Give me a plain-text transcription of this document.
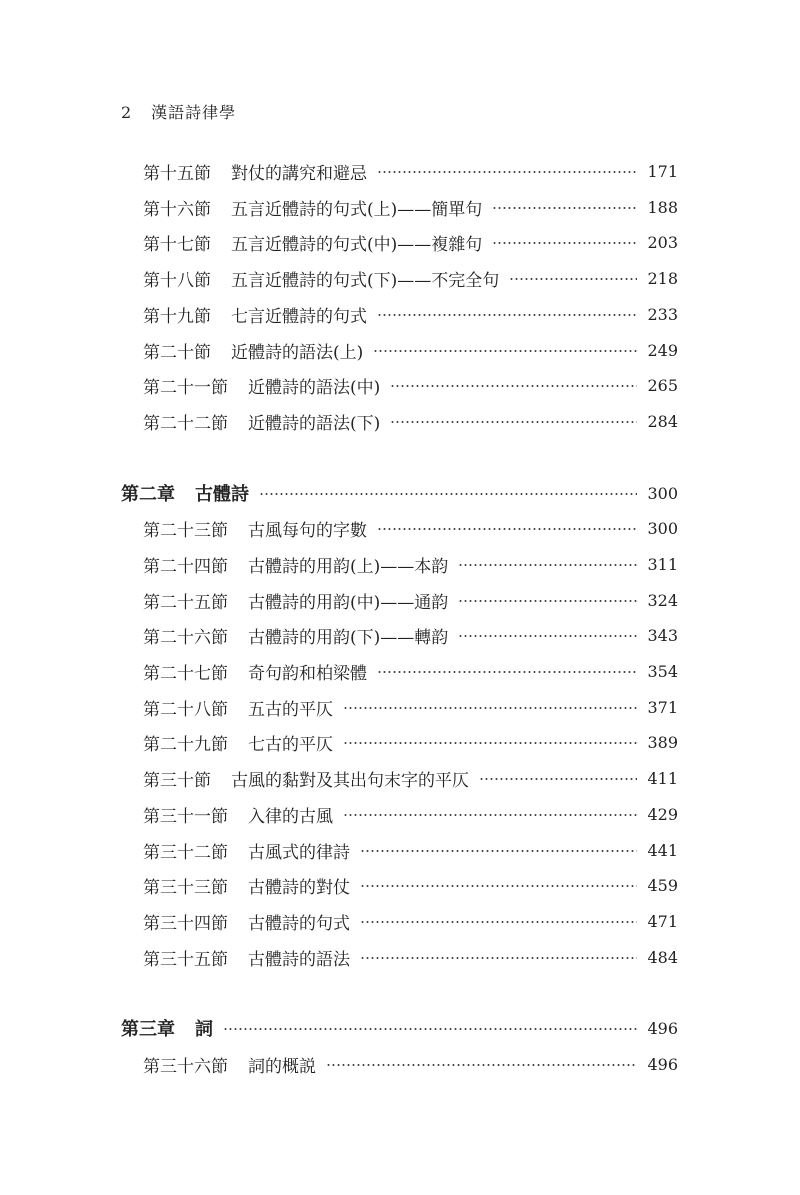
2 漢語詩律學
第十五節 對仗的講究和避忌	171
第十六節 五言近體詩的句式(上)——簡單句	188
第十七節 五言近體詩的句式(中)——複雜句	203
第十八節 五言近體詩的句式(下)——不完全句	218
第十九節 七言近體詩的句式	233
第二十節 近體詩的語法(上)	249
第二十一節 近體詩的語法(中)	265
第二十二節 近體詩的語法(下)	284
第二章 古體詩	300
第二十三節 古風每句的字數	300
第二十四節 古體詩的用韵(上)——本韵	311
第二十五節 古體詩的用韵(中)——通韵	324
第二十六節 古體詩的用韵(下)——轉韵	343
第二十七節 奇句韵和柏梁體	354
第二十八節 五古的平仄	371
第二十九節 七古的平仄	389
第三十節 古風的黏對及其出句末字的平仄	411
第三十一節 入律的古風	429
第三十二節 古風式的律詩	441
第三十三節 古體詩的對仗	459
第三十四節 古體詩的句式	471
第三十五節 古體詩的語法	484
第三章 詞	496
第三十六節 詞的概説	496
